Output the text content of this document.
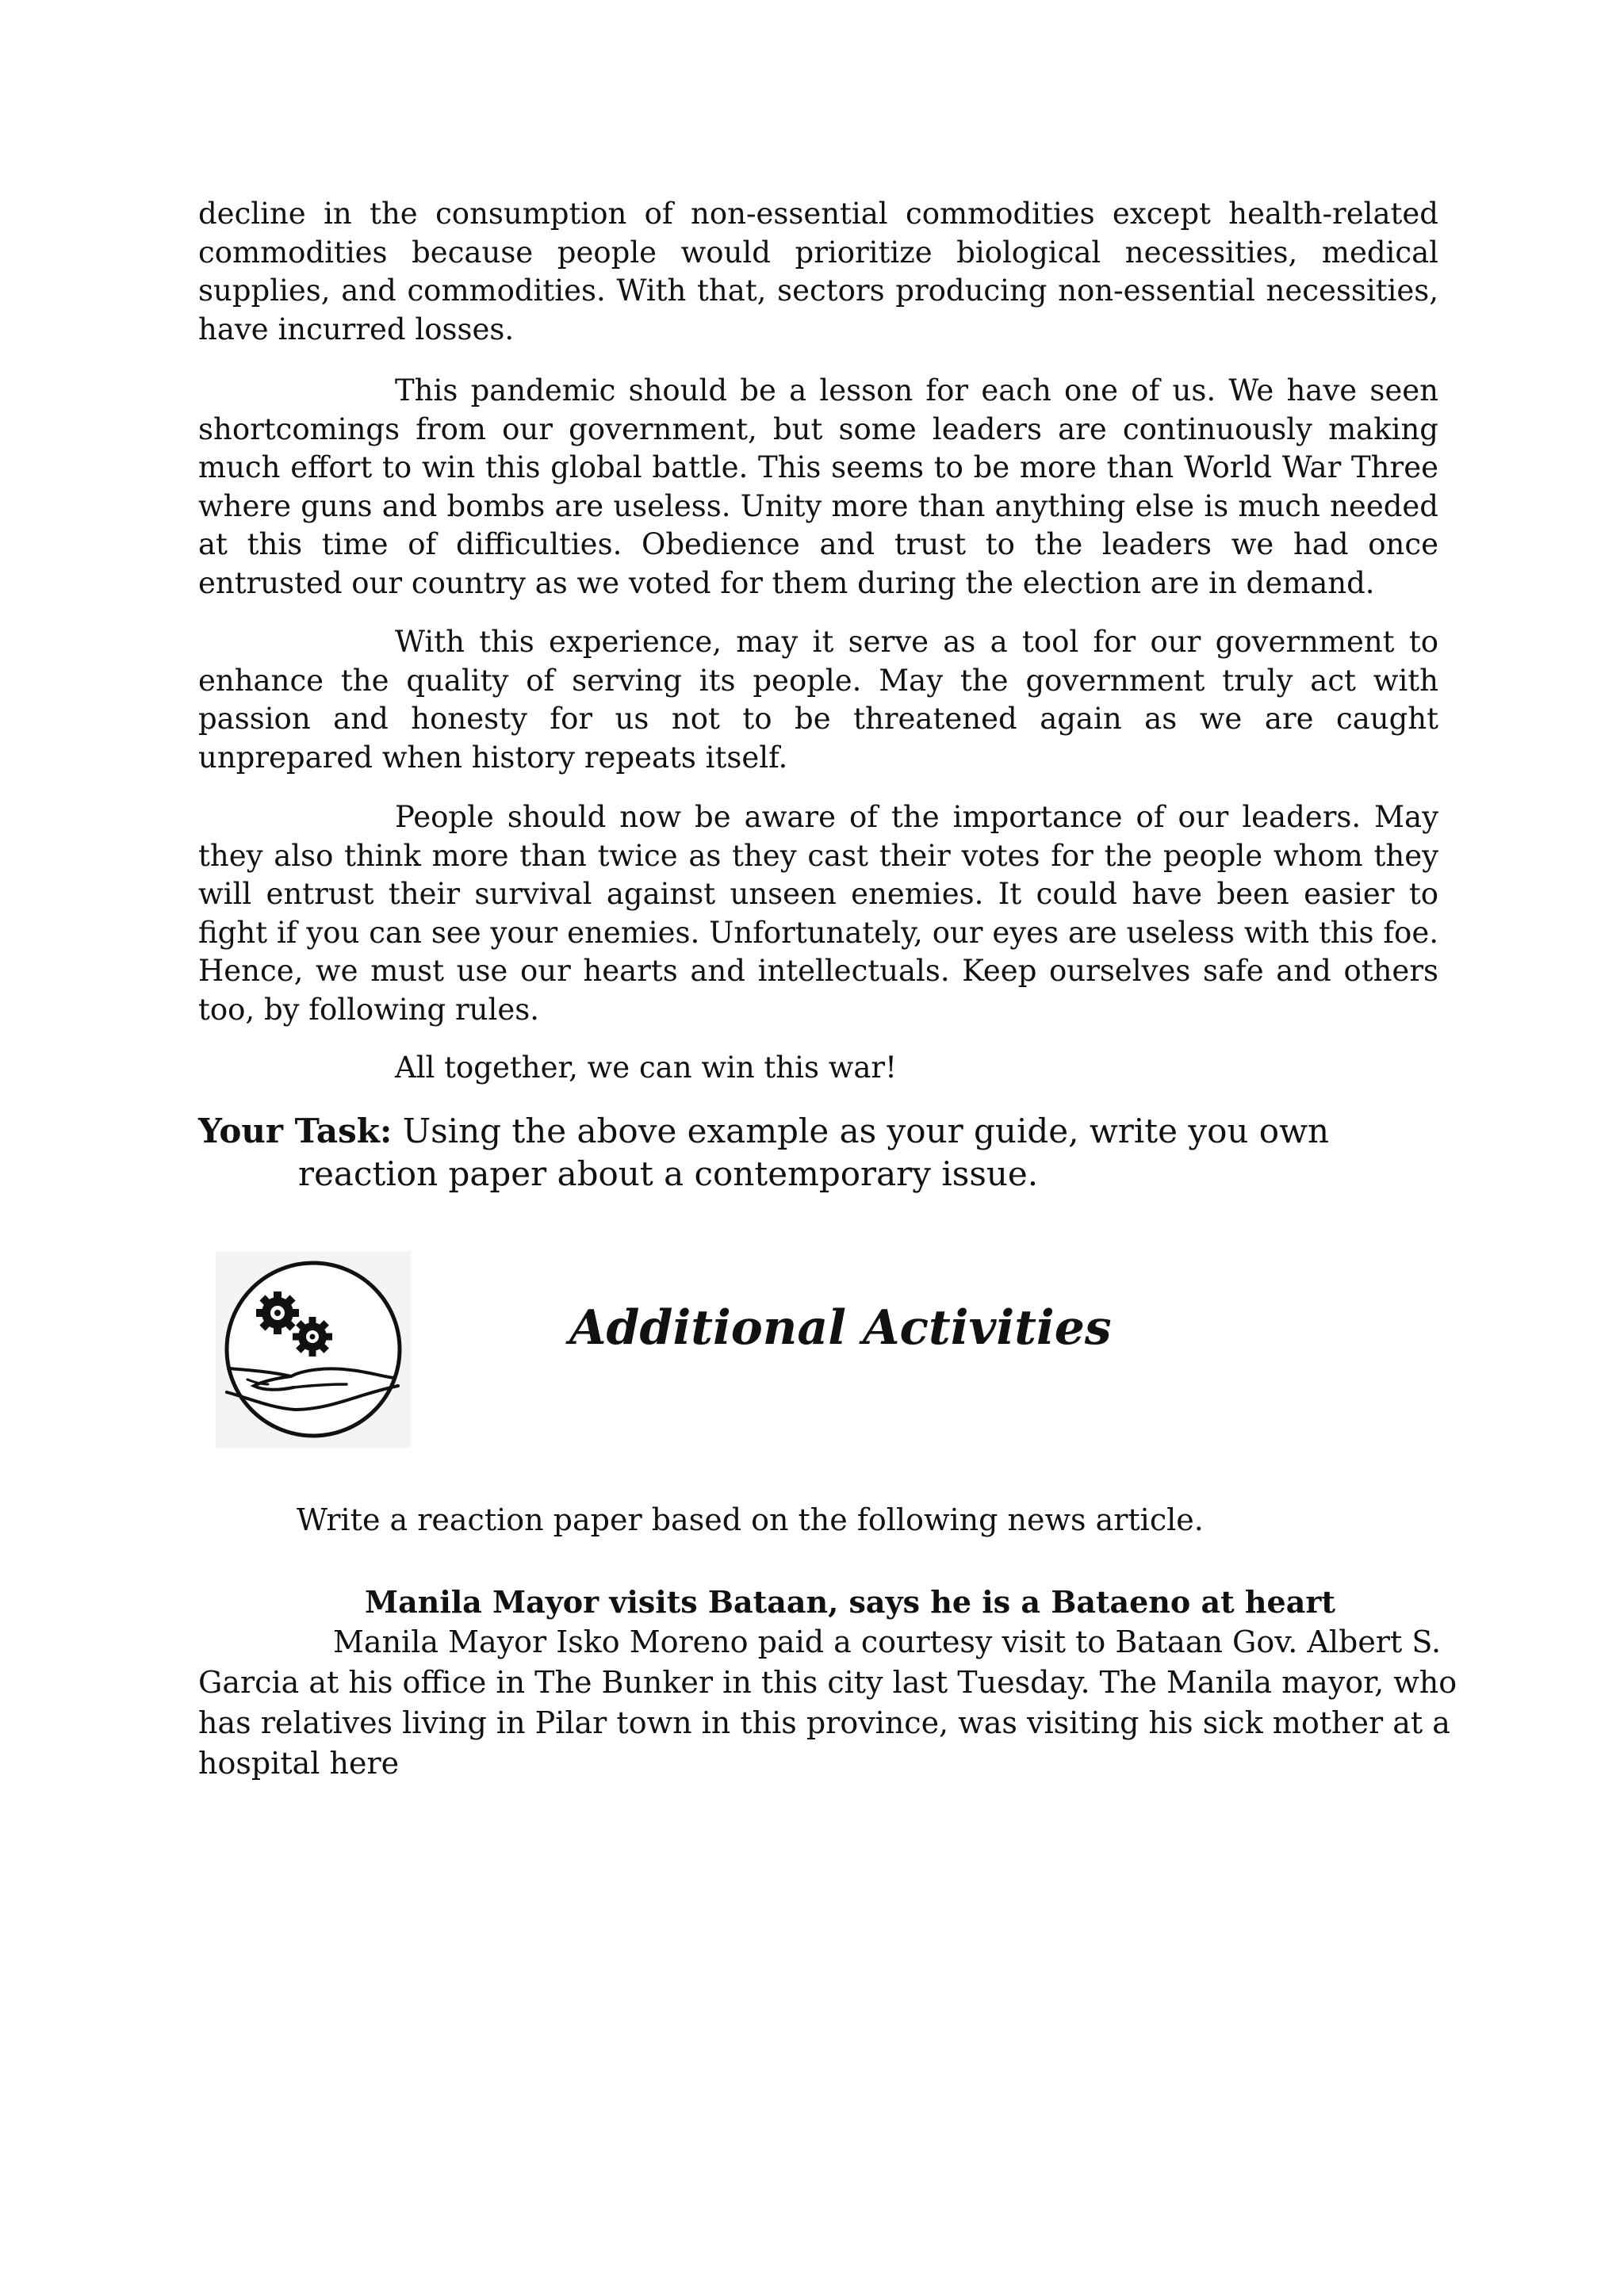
decline in the consumption of non-essential commodities except health-related commodities because people would prioritize biological necessities, medical supplies, and commodities. With that, sectors producing non-essential necessities, have incurred losses.

This pandemic should be a lesson for each one of us. We have seen shortcomings from our government, but some leaders are continuously making much effort to win this global battle. This seems to be more than World War Three where guns and bombs are useless. Unity more than anything else is much needed at this time of difficulties. Obedience and trust to the leaders we had once entrusted our country as we voted for them during the election are in demand.

With this experience, may it serve as a tool for our government to enhance the quality of serving its people. May the government truly act with passion and honesty for us not to be threatened again as we are caught unprepared when history repeats itself.

People should now be aware of the importance of our leaders. May they also think more than twice as they cast their votes for the people whom they will entrust their survival against unseen enemies. It could have been easier to fight if you can see your enemies. Unfortunately, our eyes are useless with this foe. Hence, we must use our hearts and intellectuals. Keep ourselves safe and others too, by following rules.

All together, we can win this war!

Your Task: Using the above example as your guide, write you own reaction paper about a contemporary issue.

Additional Activities

Write a reaction paper based on the following news article.

Manila Mayor visits Bataan, says he is a Bataeno at heart

Manila Mayor Isko Moreno paid a courtesy visit to Bataan Gov. Albert S. Garcia at his office in The Bunker in this city last Tuesday. The Manila mayor, who has relatives living in Pilar town in this province, was visiting his sick mother at a hospital here
